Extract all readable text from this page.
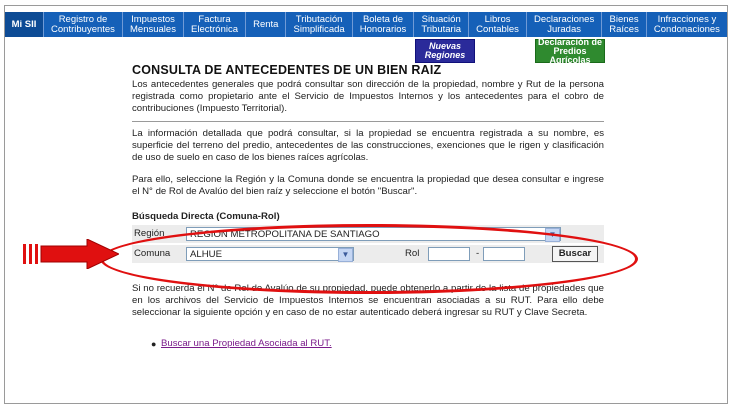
Mi SII	Registro de
Contribuyentes
Impuestos
Mensuales
Factura
Electrónica	Renta	Tributación
Simplificada
Boleta de
Honorarios
Situación
Tributaria
Libros
Contables
Declaraciones
Juradas
Bienes
Raíces
Infracciones y
Condonaciones
Nuevas
Regiones
Declaración de
Predios Agrícolas
CONSULTA DE ANTECEDENTES DE UN BIEN RAIZ

Los antecedentes generales que podrá consultar son dirección de la propiedad, nombre y Rut de la persona registrada como propietario ante el Servicio de Impuestos Internos y los antecedentes para el cobro de contribuciones (Impuesto Territorial).

La información detallada que podrá consultar, si la propiedad se encuentra registrada a su nombre, es superficie del terreno del predio, antecedentes de las construcciones, exenciones que le rigen y clasificación de uso de suelo en caso de los bienes raíces agrícolas.

Para ello, seleccione la Región y la Comuna donde se encuentra la propiedad que desea consultar e ingrese el N° de Rol de Avalúo del bien raíz y seleccione el botón "Buscar".

Búsqueda Directa (Comuna-Rol)
Región	REGION METROPOLITANA DE SANTIAGO	▼
Comuna	ALHUE	▼	Rol	-	Buscar

Si no recuerda el N° de Rol de Avalúo de su propiedad, puede obtenerlo a partir de la lista de propiedades que en los archivos del Servicio de Impuestos Internos se encuentran asociadas a su RUT. Para ello debe seleccionar la siguiente opción y en caso de no estar autenticado deberá ingresar su RUT y Clave Secreta.

● Buscar una Propiedad Asociada al RUT.
